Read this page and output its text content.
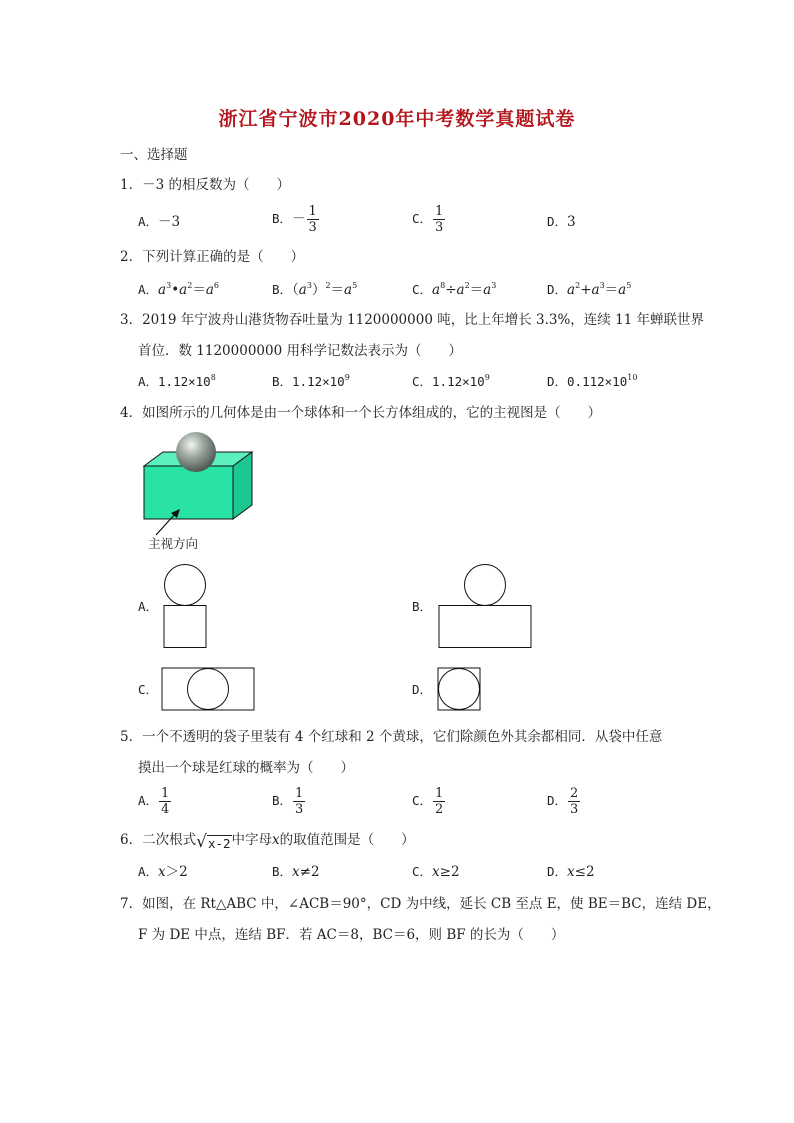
浙江省宁波市2020年中考数学真题试卷
一、选择题
1．－3 的相反数为（　　）
A．－3	B．－ $\frac{1}{3}$	C． $\frac{1}{3}$	D．3
2．下列计算正确的是（　　）
A．$a^3•a^2=a^6$	B．$(a^3)^2=a^5$	C．$a^8\div a^2=a^3$	D．$a^2+a^3=a^5$
3．2019 年宁波舟山港货物吞吐量为 1120000000 吨，比上年增长 3.3%，连续 11 年蝉联世界
首位．数 1120000000 用科学记数法表示为（　　）
A．$1.12\times 10^8$	B．$1.12\times 10^9$	C．$1.12\times 10^9$	D．$0.112\times 10^{10}$
4．如图所示的几何体是由一个球体和一个长方体组成的，它的主视图是（　　）
主视方向
A．	B．
C．	D．
5．一个不透明的袋子里装有 4 个红球和 2 个黄球，它们除颜色外其余都相同．从袋中任意
摸出一个球是红球的概率为（　　）
A． $\frac{1}{4}$	B． $\frac{1}{3}$	C． $\frac{1}{2}$	D． $\frac{2}{3}$
6．二次根式 √ x-2 中字母x的取值范围是（　　）
A．x＞2	B．x≠2	C．x≥2	D．x≤2
7．如图，在 Rt△ABC 中，∠ACB＝90°，CD 为中线，延长 CB 至点 E，使 BE＝BC，连结 DE，
F 为 DE 中点，连结 BF．若 AC＝8，BC＝6，则 BF 的长为（　　）
